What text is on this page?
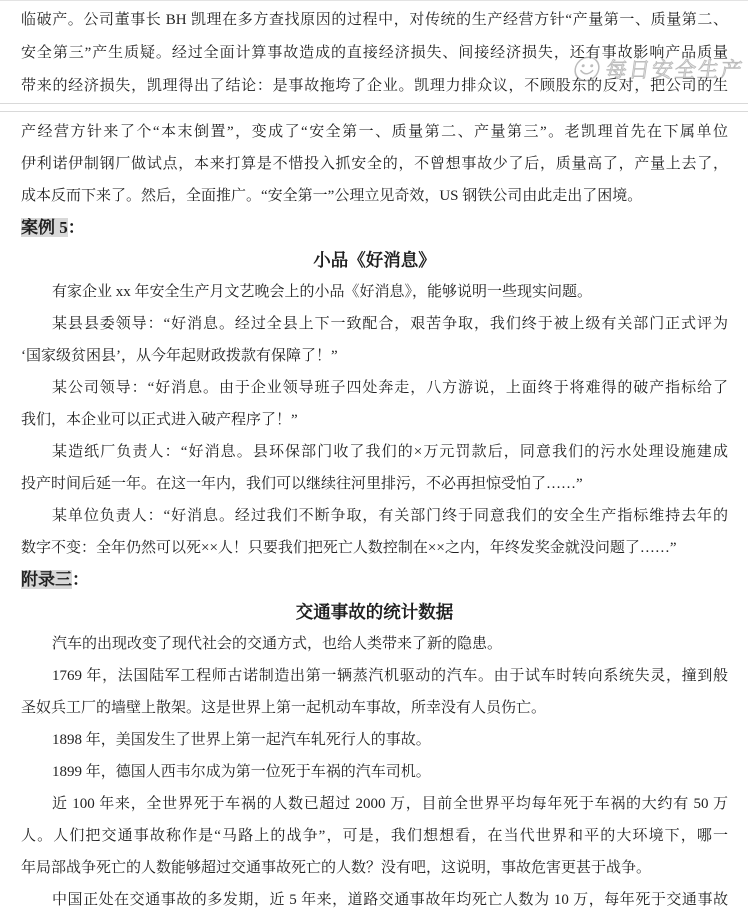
每日安全生产
临破产。公司董事长 BH 凯理在多方查找原因的过程中，对传统的生产经营方针“产量第一、质量第二、
安全第三”产生质疑。经过全面计算事故造成的直接经济损失、间接经济损失，还有事故影响产品质量
带来的经济损失，凯理得出了结论：是事故拖垮了企业。凯理力排众议，不顾股东的反对，把公司的生
产经营方针来了个“本末倒置”，变成了“安全第一、质量第二、产量第三”。老凯理首先在下属单位
伊利诺伊制钢厂做试点，本来打算是不惜投入抓安全的，不曾想事故少了后，质量高了，产量上去了，
成本反而下来了。然后，全面推广。“安全第一”公理立见奇效，US 钢铁公司由此走出了困境。
案例 5：
小品《好消息》
有家企业 xx 年安全生产月文艺晚会上的小品《好消息》，能够说明一些现实问题。
某县县委领导：“好消息。经过全县上下一致配合，艰苦争取，我们终于被上级有关部门正式评为
‘国家级贫困县’，从今年起财政拨款有保障了！”
某公司领导：“好消息。由于企业领导班子四处奔走，八方游说，上面终于将难得的破产指标给了
我们，本企业可以正式进入破产程序了！”
某造纸厂负责人：“好消息。县环保部门收了我们的×万元罚款后，同意我们的污水处理设施建成
投产时间后延一年。在这一年内，我们可以继续往河里排污，不必再担惊受怕了……”
某单位负责人：“好消息。经过我们不断争取，有关部门终于同意我们的安全生产指标维持去年的
数字不变：全年仍然可以死××人！只要我们把死亡人数控制在××之内，年终发奖金就没问题了……”
附录三：
交通事故的统计数据
汽车的出现改变了现代社会的交通方式，也给人类带来了新的隐患。
1769 年，法国陆军工程师古诺制造出第一辆蒸汽机驱动的汽车。由于试车时转向系统失灵，撞到般
圣奴兵工厂的墙壁上散架。这是世界上第一起机动车事故，所幸没有人员伤亡。
1898 年，美国发生了世界上第一起汽车轧死行人的事故。
1899 年，德国人西韦尔成为第一位死于车祸的汽车司机。
近 100 年来，全世界死于车祸的人数已超过 2000 万，目前全世界平均每年死于车祸的大约有 50 万
人。人们把交通事故称作是“马路上的战争”，可是，我们想想看，在当代世界和平的大环境下，哪一
年局部战争死亡的人数能够超过交通事故死亡的人数？没有吧，这说明，事故危害更甚于战争。
中国正处在交通事故的多发期，近 5 年来，道路交通事故年均死亡人数为 10 万，每年死于交通事故
